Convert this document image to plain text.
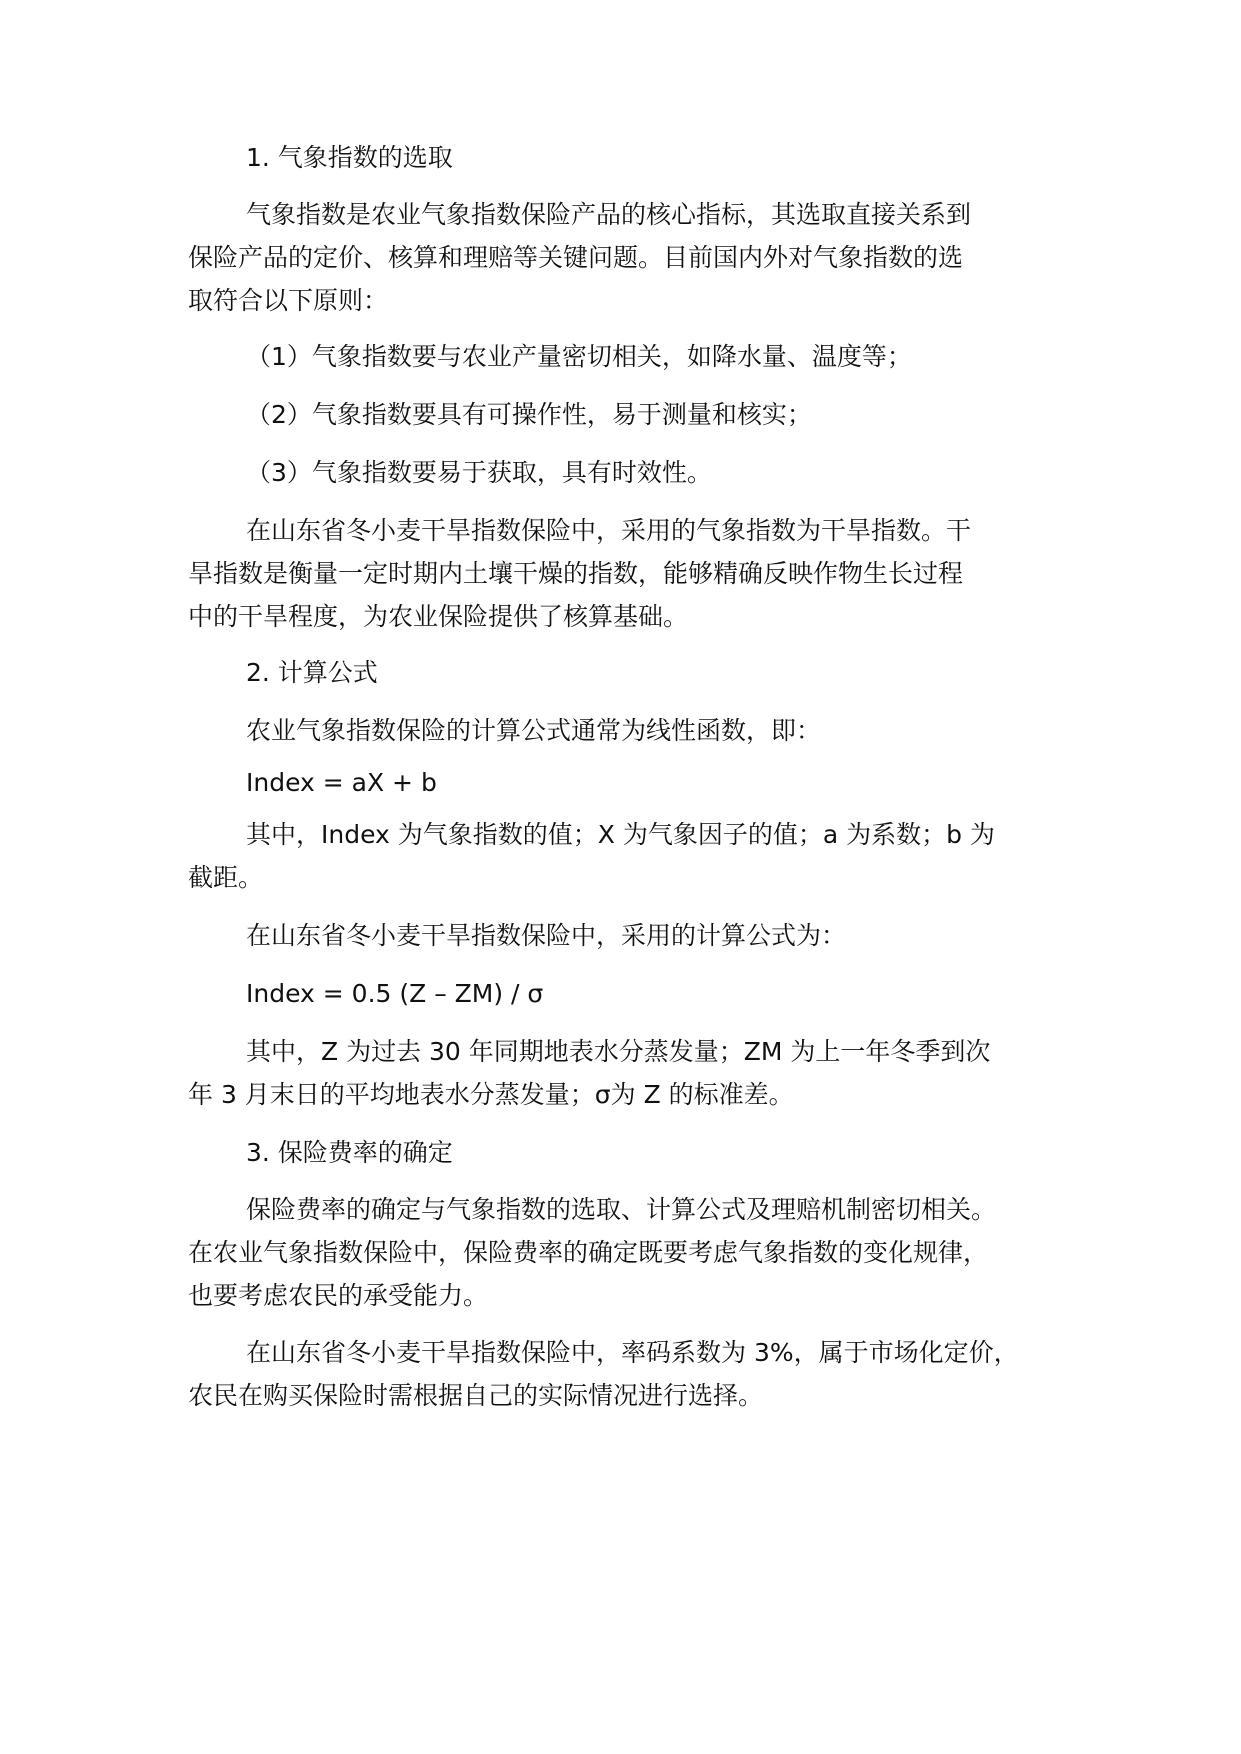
1. 气象指数的选取

气象指数是农业气象指数保险产品的核心指标，其选取直接关系到
保险产品的定价、核算和理赔等关键问题。目前国内外对气象指数的选
取符合以下原则：

（1）气象指数要与农业产量密切相关，如降水量、温度等；

（2）气象指数要具有可操作性，易于测量和核实；

（3）气象指数要易于获取，具有时效性。

在山东省冬小麦干旱指数保险中，采用的气象指数为干旱指数。干
旱指数是衡量一定时期内土壤干燥的指数，能够精确反映作物生长过程
中的干旱程度，为农业保险提供了核算基础。

2. 计算公式

农业气象指数保险的计算公式通常为线性函数，即：

Index = aX + b

其中，Index 为气象指数的值；X 为气象因子的值；a 为系数；b 为
截距。

在山东省冬小麦干旱指数保险中，采用的计算公式为：

Index = 0.5 (Z – ZM) / σ

其中，Z 为过去 30 年同期地表水分蒸发量；ZM 为上一年冬季到次
年 3 月末日的平均地表水分蒸发量；σ为 Z 的标准差。

3. 保险费率的确定

保险费率的确定与气象指数的选取、计算公式及理赔机制密切相关。
在农业气象指数保险中，保险费率的确定既要考虑气象指数的变化规律，
也要考虑农民的承受能力。

在山东省冬小麦干旱指数保险中，率码系数为 3%，属于市场化定价，
农民在购买保险时需根据自己的实际情况进行选择。
